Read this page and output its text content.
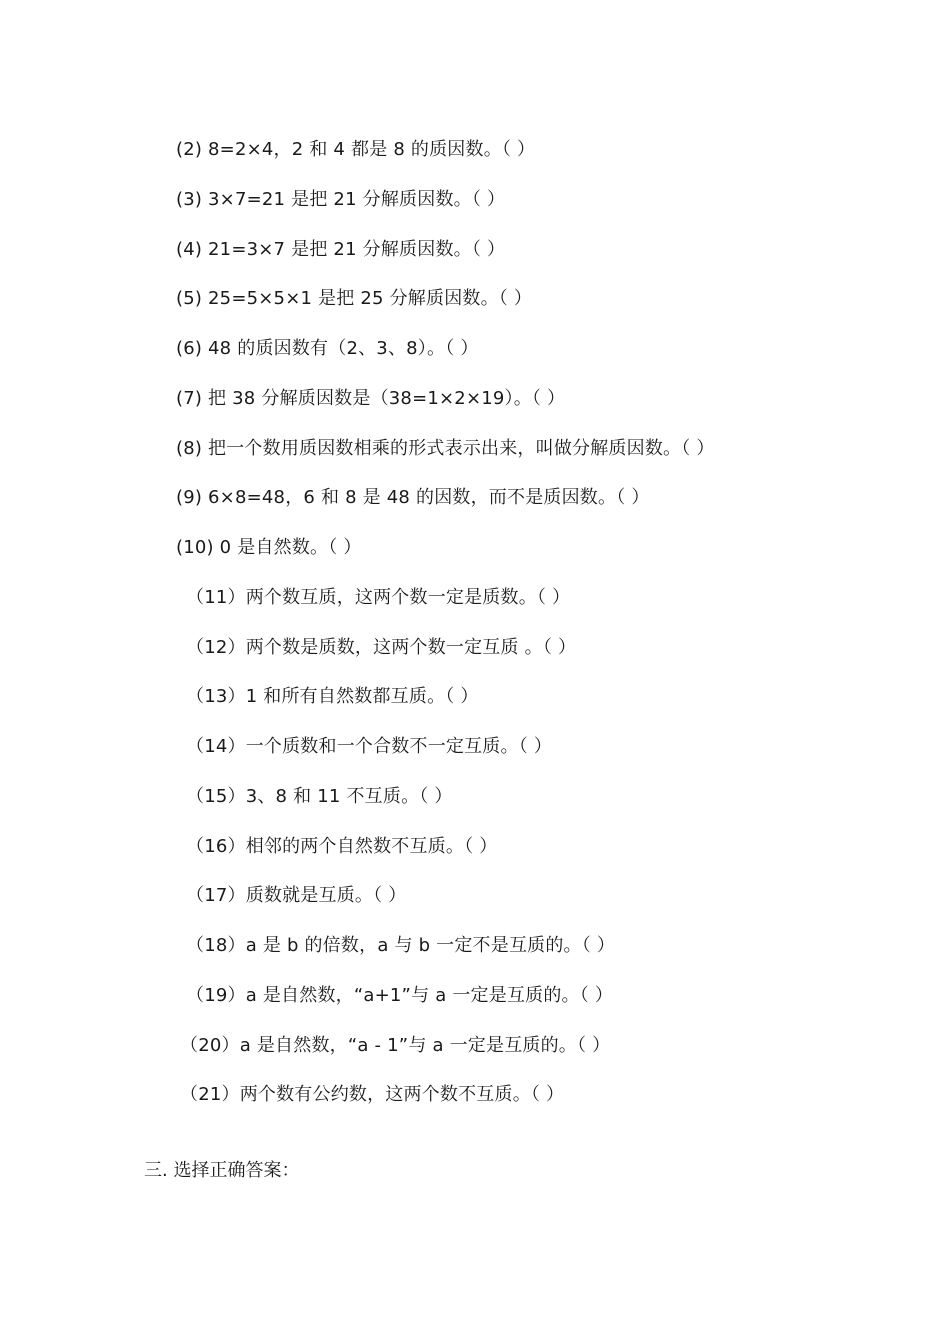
(2) 8=2×4，2 和 4 都是 8 的质因数。（ ）
(3) 3×7=21 是把 21 分解质因数。（ ）
(4) 21=3×7 是把 21 分解质因数。（ ）
(5) 25=5×5×1 是把 25 分解质因数。（ ）
(6) 48 的质因数有（2、3、8）。（ ）
(7) 把 38 分解质因数是（38=1×2×19）。（ ）
(8) 把一个数用质因数相乘的形式表示出来，叫做分解质因数。（ ）
(9) 6×8=48，6 和 8 是 48 的因数，而不是质因数。（ ）
(10) 0 是自然数。（ ）
（11）两个数互质，这两个数一定是质数。（ ）
（12）两个数是质数，这两个数一定互质 。（ ）
（13）1 和所有自然数都互质。（ ）
（14）一个质数和一个合数不一定互质。（ ）
（15）3、8 和 11 不互质。（ ）
（16）相邻的两个自然数不互质。（ ）
（17）质数就是互质。（ ）
（18）a 是 b 的倍数，a 与 b 一定不是互质的。（ ）
（19）a 是自然数，“a+1”与 a 一定是互质的。（ ）
（20）a 是自然数，“a - 1”与 a 一定是互质的。（ ）
（21）两个数有公约数，这两个数不互质。（ ）
三. 选择正确答案：
